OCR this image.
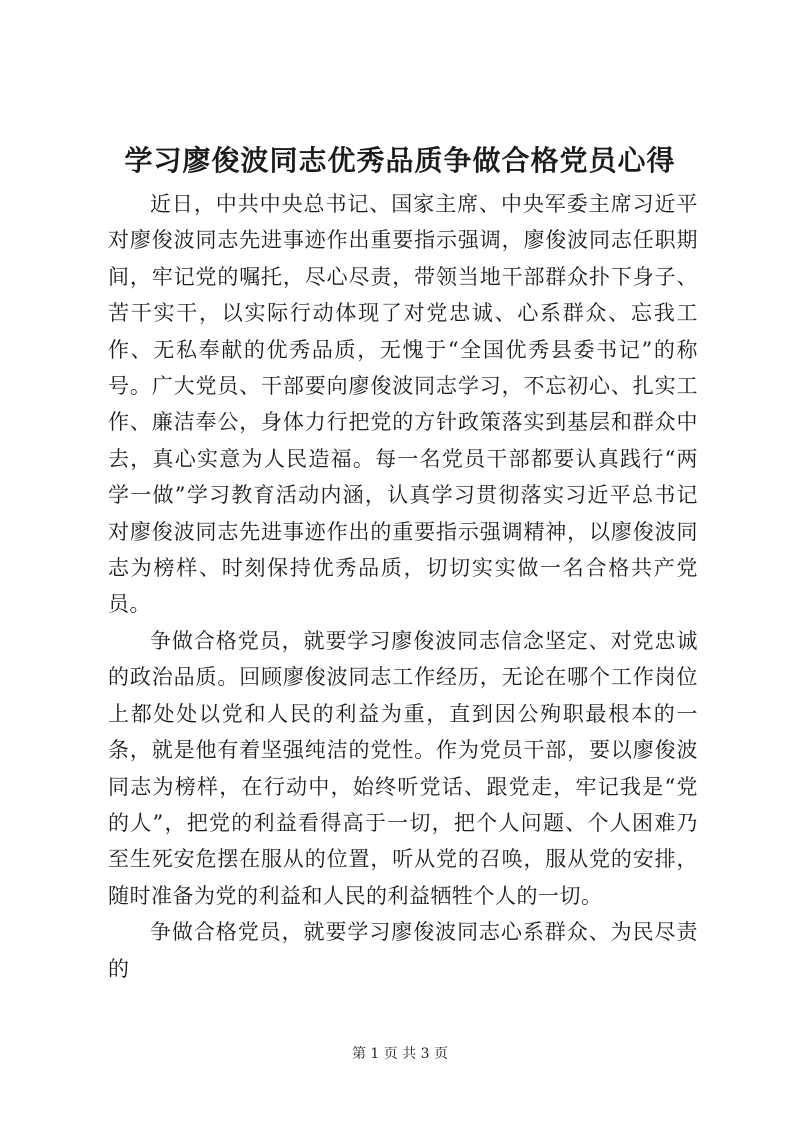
学习廖俊波同志优秀品质争做合格党员心得

近日，中共中央总书记、国家主席、中央军委主席习近平对廖俊波同志先进事迹作出重要指示强调，廖俊波同志任职期间，牢记党的嘱托，尽心尽责，带领当地干部群众扑下身子、苦干实干，以实际行动体现了对党忠诚、心系群众、忘我工作、无私奉献的优秀品质，无愧于“全国优秀县委书记”的称号。广大党员、干部要向廖俊波同志学习，不忘初心、扎实工作、廉洁奉公，身体力行把党的方针政策落实到基层和群众中去，真心实意为人民造福。每一名党员干部都要认真践行“两学一做”学习教育活动内涵，认真学习贯彻落实习近平总书记对廖俊波同志先进事迹作出的重要指示强调精神，以廖俊波同志为榜样、时刻保持优秀品质，切切实实做一名合格共产党员。

争做合格党员，就要学习廖俊波同志信念坚定、对党忠诚的政治品质。回顾廖俊波同志工作经历，无论在哪个工作岗位上都处处以党和人民的利益为重，直到因公殉职最根本的一条，就是他有着坚强纯洁的党性。作为党员干部，要以廖俊波同志为榜样，在行动中，始终听党话、跟党走，牢记我是“党的人”，把党的利益看得高于一切，把个人问题、个人困难乃至生死安危摆在服从的位置，听从党的召唤，服从党的安排，随时准备为党的利益和人民的利益牺牲个人的一切。

争做合格党员，就要学习廖俊波同志心系群众、为民尽责的

第 1 页 共 3 页
